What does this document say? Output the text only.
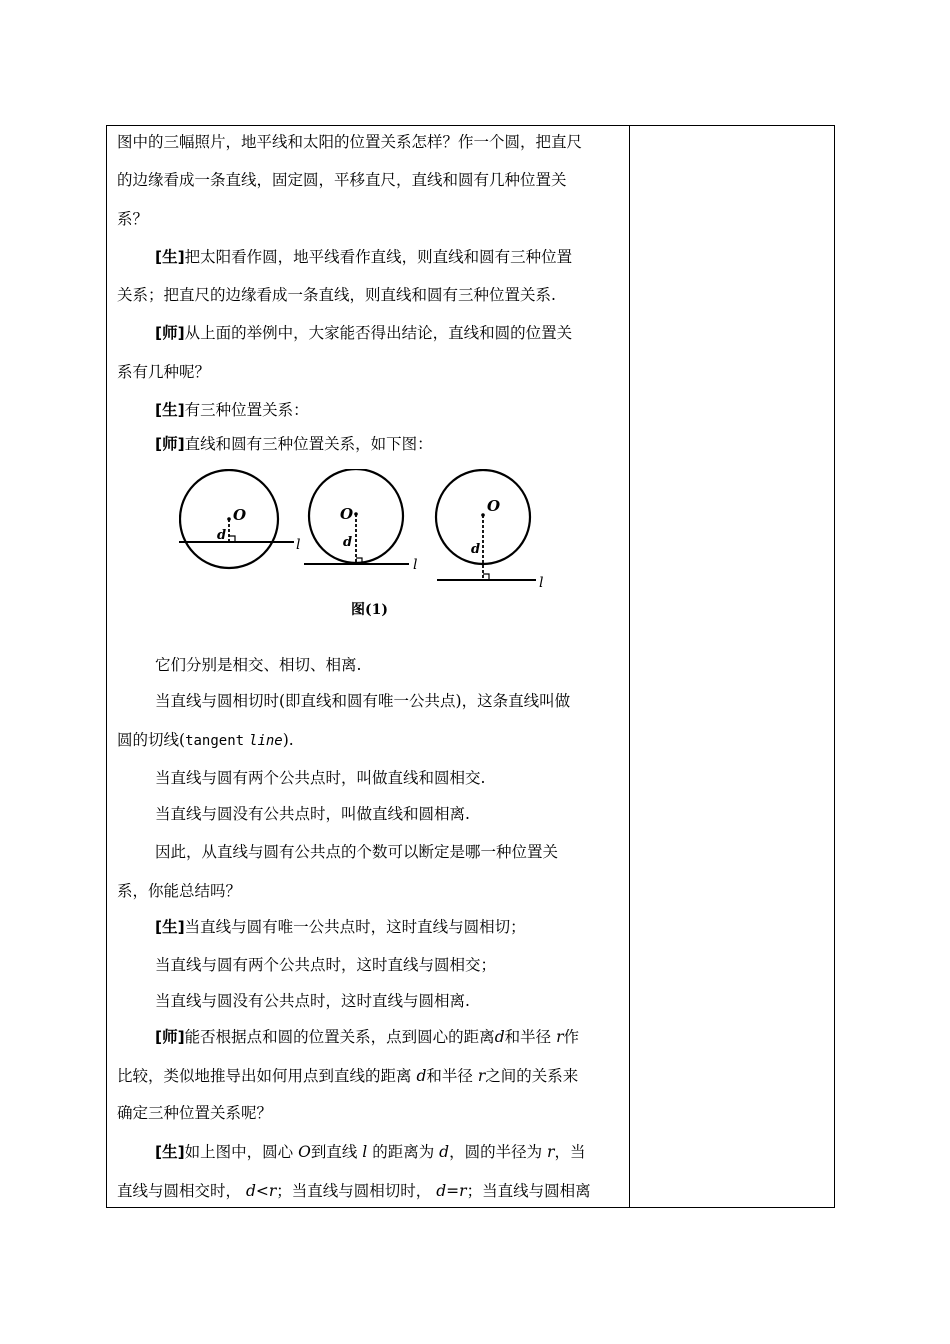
图中的三幅照片，地平线和太阳的位置关系怎样？作一个圆，把直尺
的边缘看成一条直线，固定圆，平移直尺，直线和圆有几种位置关
系？
[生]把太阳看作圆，地平线看作直线，则直线和圆有三种位置
关系；把直尺的边缘看成一条直线，则直线和圆有三种位置关系.
[师]从上面的举例中，大家能否得出结论，直线和圆的位置关
系有几种呢？
[生]有三种位置关系：
[师]直线和圆有三种位置关系，如下图：
O
d
l
O
d
l
O
d
l
图(1)
它们分别是相交、相切、相离.
当直线与圆相切时(即直线和圆有唯一公共点)，这条直线叫做
圆的切线(tangent line).
当直线与圆有两个公共点时，叫做直线和圆相交.
当直线与圆没有公共点时，叫做直线和圆相离.
因此，从直线与圆有公共点的个数可以断定是哪一种位置关
系，你能总结吗？
[生]当直线与圆有唯一公共点时，这时直线与圆相切；
当直线与圆有两个公共点时，这时直线与圆相交；
当直线与圆没有公共点时，这时直线与圆相离.
[师]能否根据点和圆的位置关系，点到圆心的距离d和半径 r作
比较，类似地推导出如何用点到直线的距离 d和半径 r之间的关系来
确定三种位置关系呢？
[生]如上图中，圆心 O到直线 l 的距离为 d，圆的半径为 r，当
直线与圆相交时， d<r；当直线与圆相切时， d=r；当直线与圆相离
